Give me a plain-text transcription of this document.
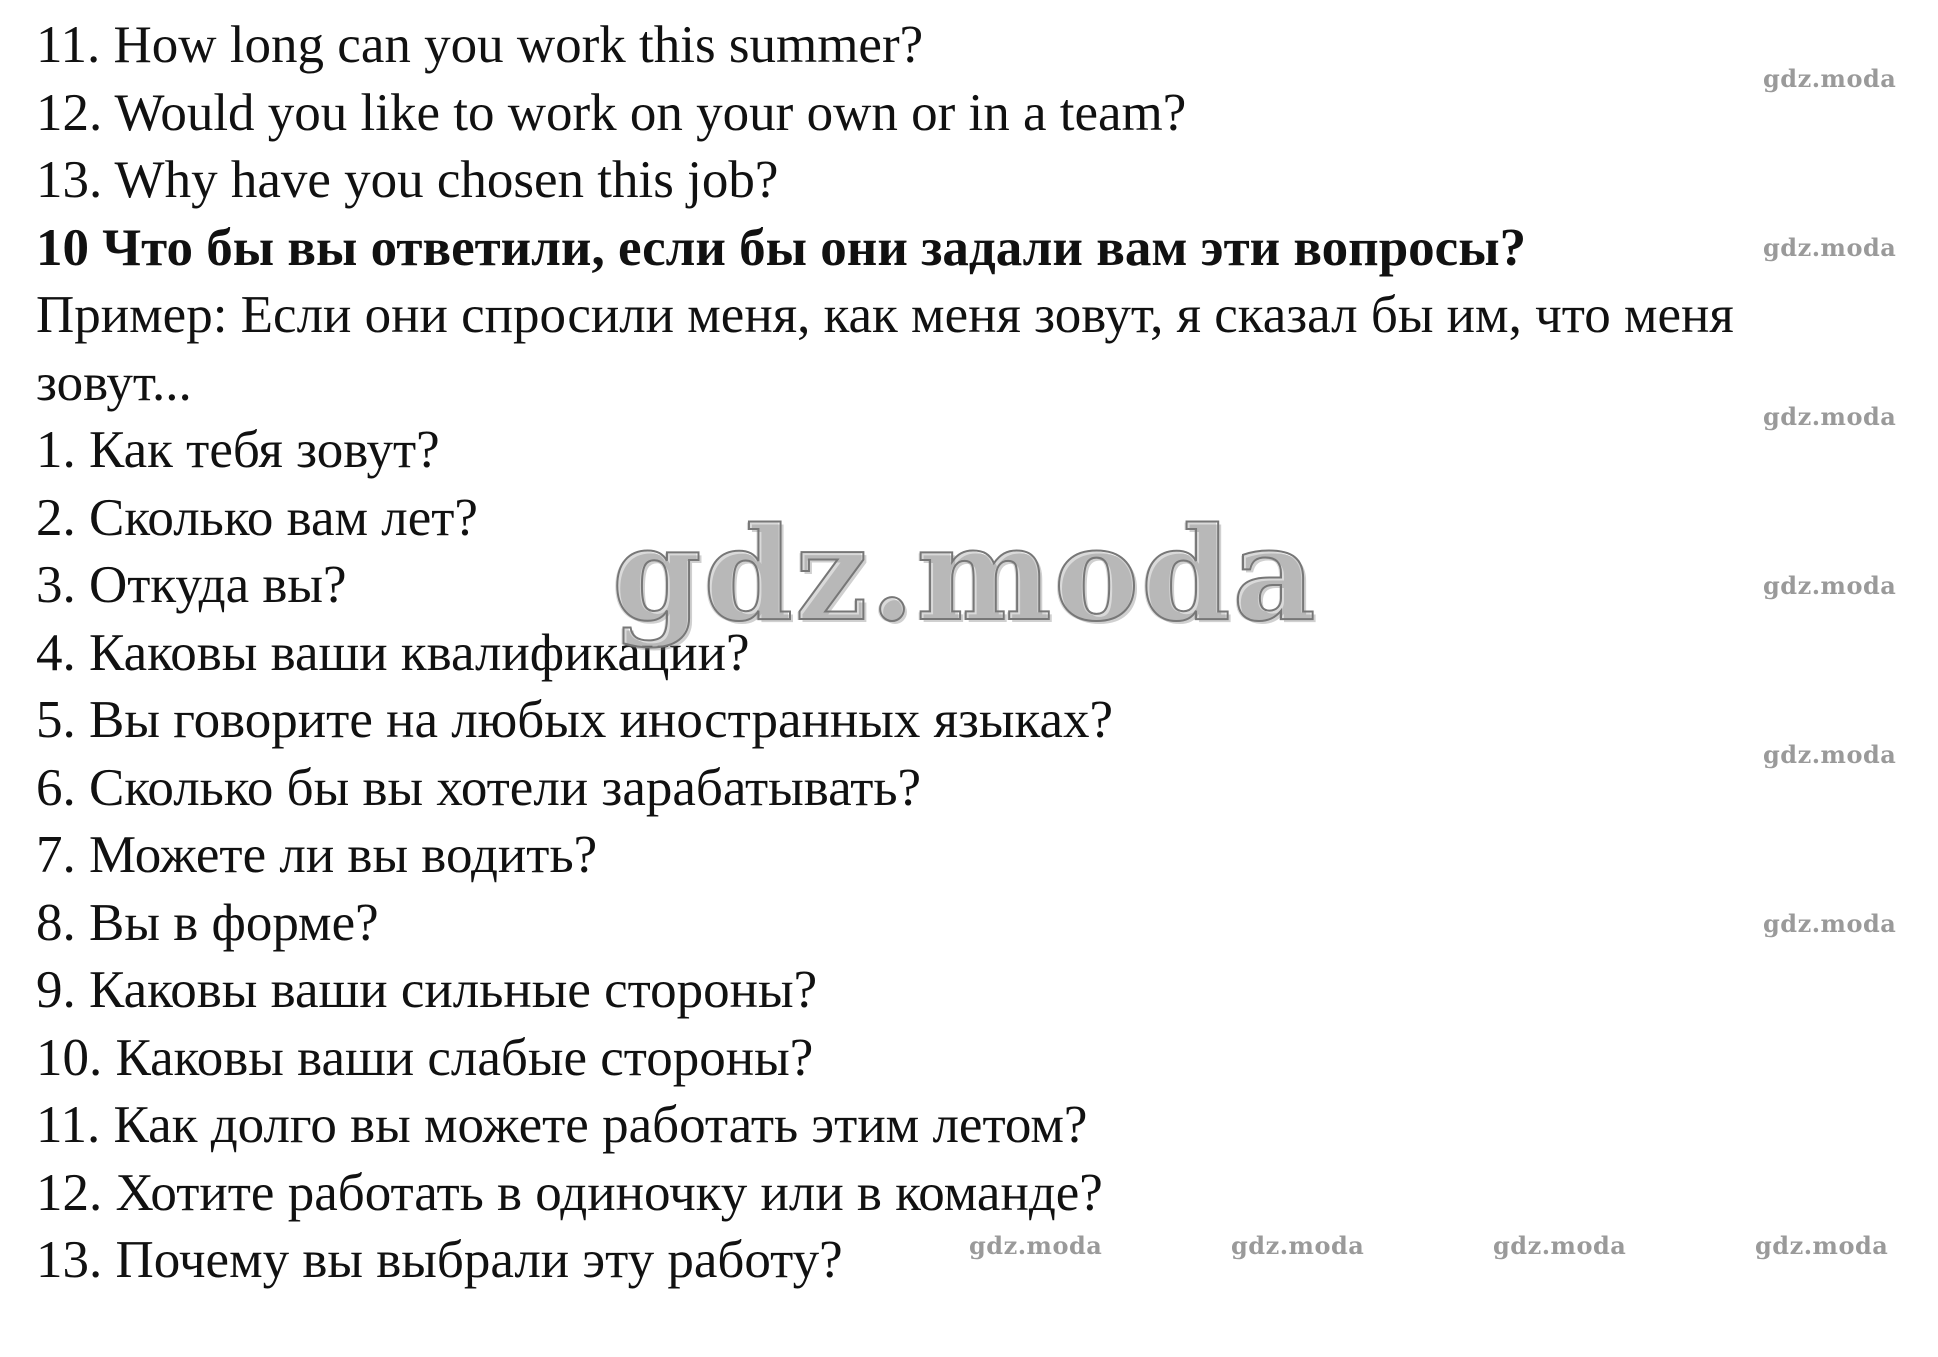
11. How long can you work this summer?

12. Would you like to work on your own or in a team?

13. Why have you chosen this job?

10 Что бы вы ответили, если бы они задали вам эти вопросы?

Пример: Если они спросили меня, как меня зовут, я сказал бы им, что меня

зовут...

1. Как тебя зовут?

2. Сколько вам лет?

3. Откуда вы?

4. Каковы ваши квалификации?

5. Вы говорите на любых иностранных языках?

6. Сколько бы вы хотели зарабатывать?

7. Можете ли вы водить?

8. Вы в форме?

9. Каковы ваши сильные стороны?

10. Каковы ваши слабые стороны?

11. Как долго вы можете работать этим летом?

12. Хотите работать в одиночку или в команде?

13. Почему вы выбрали эту работу?

gdz.moda
gdz.moda
gdz.moda
gdz.moda
gdz.moda
gdz.moda
gdz.moda
gdz.moda	gdz.moda	gdz.moda	gdz.moda
